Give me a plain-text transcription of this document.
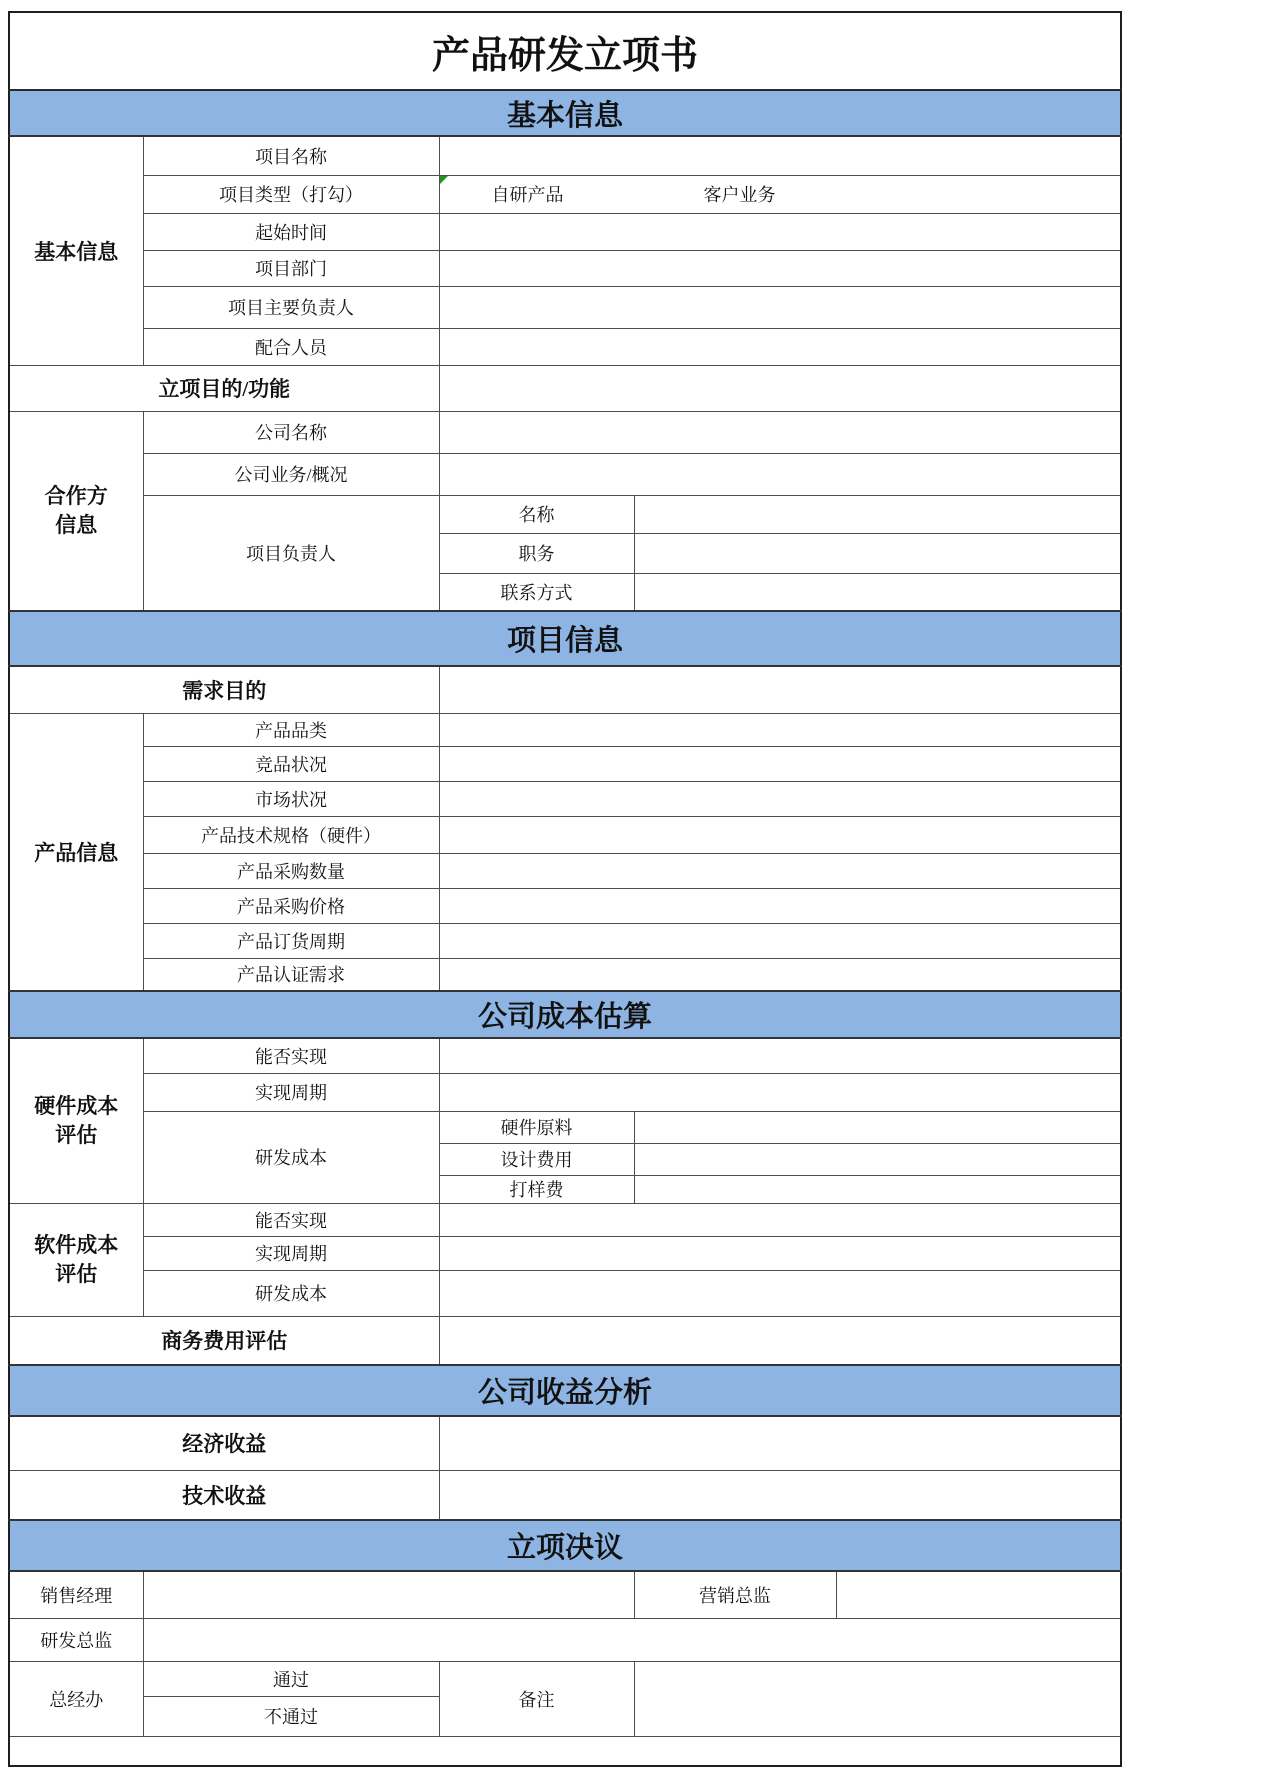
产品研发立项书				
基本信息				
基本信息	项目名称			
	项目类型（打勾）	自研产品 客户业务		

	起始时间			
	项目部门			
	项目主要负责人			
	配合人员			
立项目的/功能				
合作方信息	公司名称			
	公司业务/概况			
	项目负责人	名称		
		职务		
		联系方式		
项目信息				
需求目的				
产品信息	产品品类			
	竞品状况			
	市场状况			
	产品技术规格（硬件）			
	产品采购数量			
	产品采购价格			
	产品订货周期			
	产品认证需求			
公司成本估算				
硬件成本评估	能否实现			
	实现周期			
	研发成本	硬件原料		
		设计费用		
		打样费		
软件成本评估	能否实现			
	实现周期			
	研发成本			
商务费用评估				
公司收益分析				
经济收益				
技术收益				
立项决议				
销售经理			营销总监	
研发总监				
总经办	通过	备注		
	不通过			
